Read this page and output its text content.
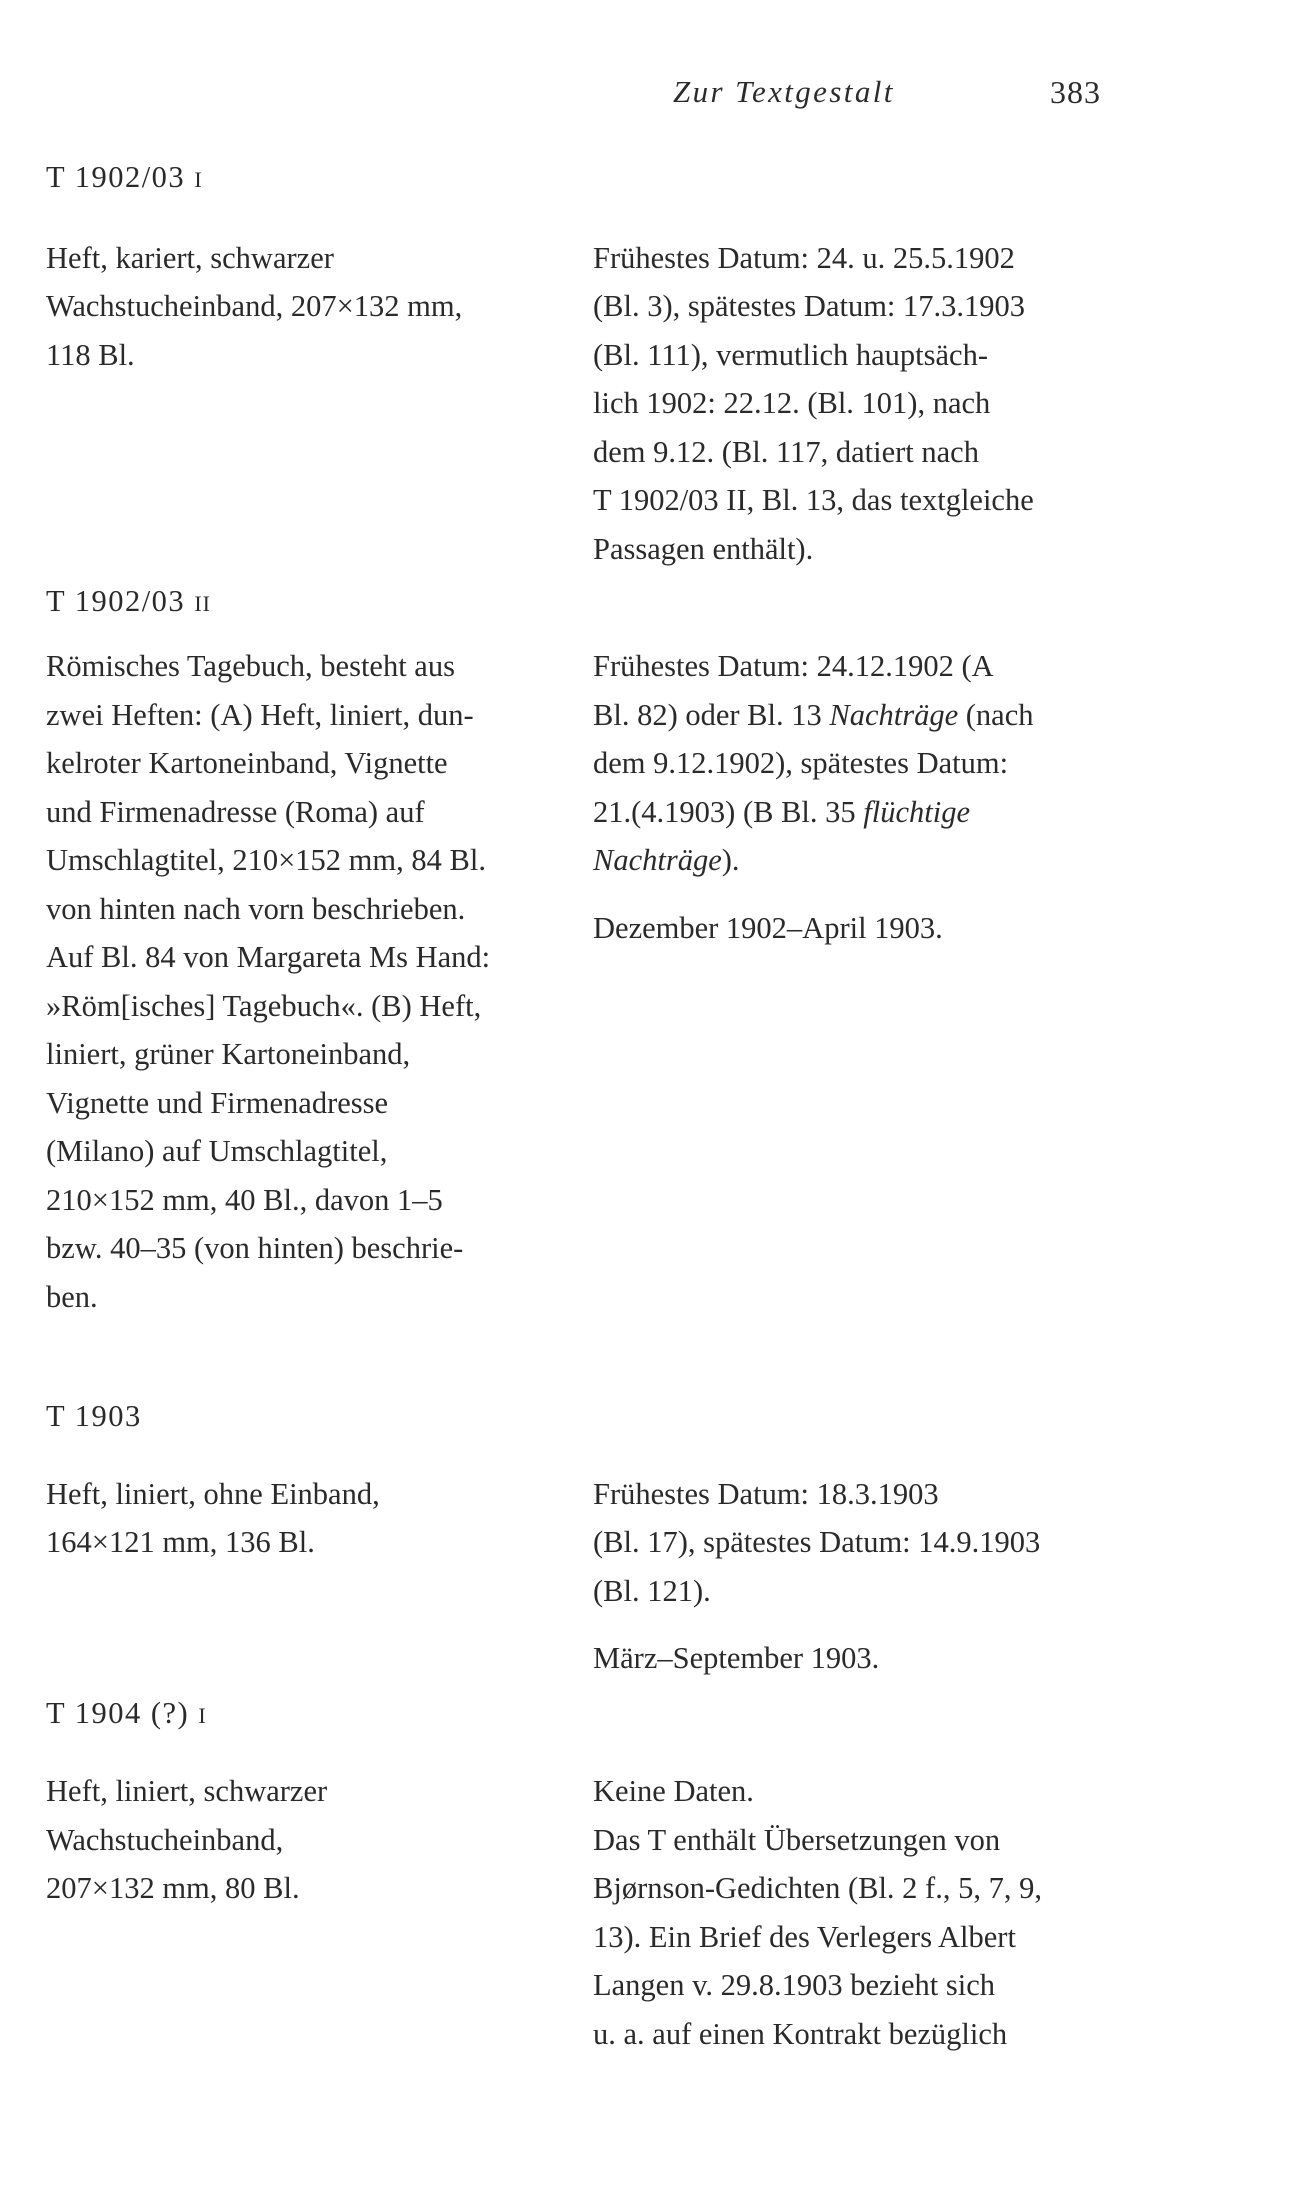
Zur Textgestalt	383
T 1902/03 I
Heft, kariert, schwarzer
Wachstucheinband, 207×132 mm,
118 Bl.
Frühestes Datum: 24. u. 25.5.1902
(Bl. 3), spätestes Datum: 17.3.1903
(Bl. 111), vermutlich hauptsäch-
lich 1902: 22.12. (Bl. 101), nach
dem 9.12. (Bl. 117, datiert nach
T 1902/03 II, Bl. 13, das textgleiche
Passagen enthält).
T 1902/03 II
Römisches Tagebuch, besteht aus
zwei Heften: (A) Heft, liniert, dun-
kelroter Kartoneinband, Vignette
und Firmenadresse (Roma) auf
Umschlagtitel, 210×152 mm, 84 Bl.
von hinten nach vorn beschrieben.
Auf Bl. 84 von Margareta Ms Hand:
»Röm[isches] Tagebuch«. (B) Heft,
liniert, grüner Kartoneinband,
Vignette und Firmenadresse
(Milano) auf Umschlagtitel,
210×152 mm, 40 Bl., davon 1–5
bzw. 40–35 (von hinten) beschrie-
ben.
Frühestes Datum: 24.12.1902 (A
Bl. 82) oder Bl. 13 Nachträge (nach
dem 9.12.1902), spätestes Datum:
21.(4.1903) (B Bl. 35 flüchtige
Nachträge).
Dezember 1902–April 1903.
T 1903
Heft, liniert, ohne Einband,
164×121 mm, 136 Bl.
Frühestes Datum: 18.3.1903
(Bl. 17), spätestes Datum: 14.9.1903
(Bl. 121).
März–September 1903.
T 1904 (?) I
Heft, liniert, schwarzer
Wachstucheinband,
207×132 mm, 80 Bl.
Keine Daten.
Das T enthält Übersetzungen von
Bjørnson-Gedichten (Bl. 2 f., 5, 7, 9,
13). Ein Brief des Verlegers Albert
Langen v. 29.8.1903 bezieht sich
u. a. auf einen Kontrakt bezüglich
